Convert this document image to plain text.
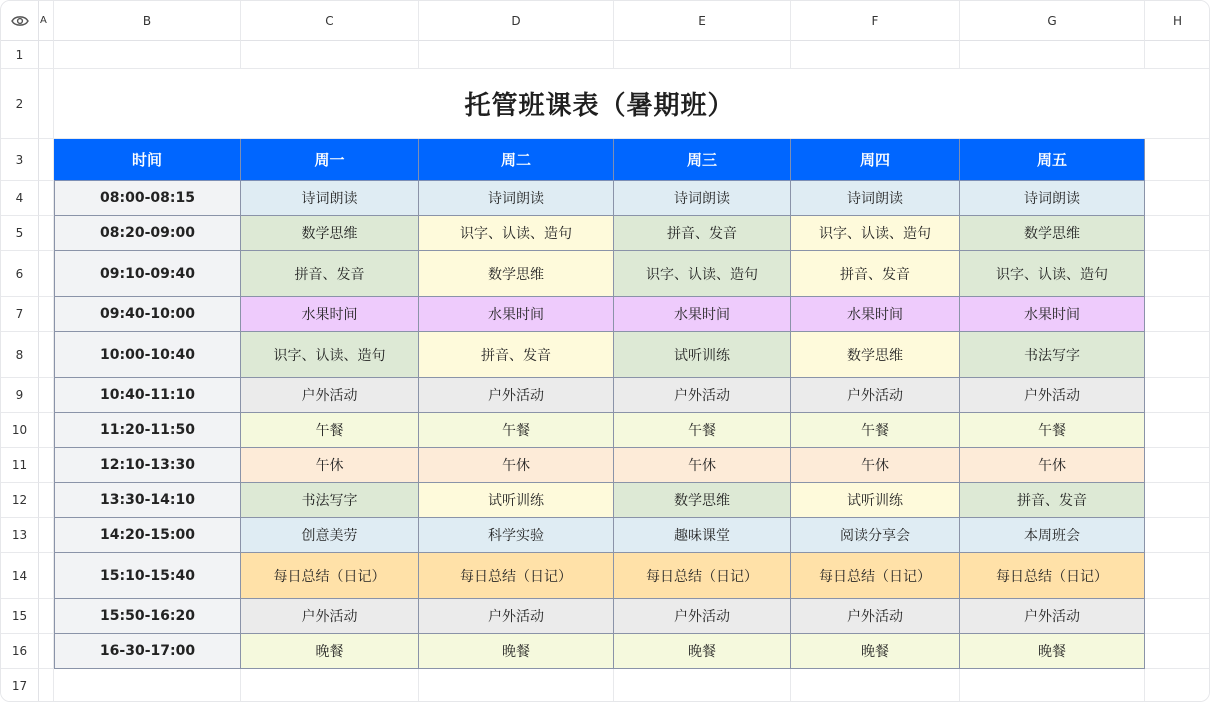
A	B	C	D	E	F	G	H
1
2
3
4
5
6
7
8
9
10
11
12
13
14
15
16
17
托管班课表（暑期班）
时间	周一	周二	周三	周四	周五
08:00-08:15	诗词朗读	诗词朗读	诗词朗读	诗词朗读	诗词朗读
08:20-09:00	数学思维	识字、认读、造句	拼音、发音	识字、认读、造句	数学思维
09:10-09:40	拼音、发音	数学思维	识字、认读、造句	拼音、发音	识字、认读、造句
09:40-10:00	水果时间	水果时间	水果时间	水果时间	水果时间
10:00-10:40	识字、认读、造句	拼音、发音	试听训练	数学思维	书法写字
10:40-11:10	户外活动	户外活动	户外活动	户外活动	户外活动
11:20-11:50	午餐	午餐	午餐	午餐	午餐
12:10-13:30	午休	午休	午休	午休	午休
13:30-14:10	书法写字	试听训练	数学思维	试听训练	拼音、发音
14:20-15:00	创意美劳	科学实验	趣味课堂	阅读分享会	本周班会
15:10-15:40	每日总结（日记）	每日总结（日记）	每日总结（日记）	每日总结（日记）	每日总结（日记）
15:50-16:20	户外活动	户外活动	户外活动	户外活动	户外活动
16-30-17:00	晚餐	晚餐	晚餐	晚餐	晚餐
